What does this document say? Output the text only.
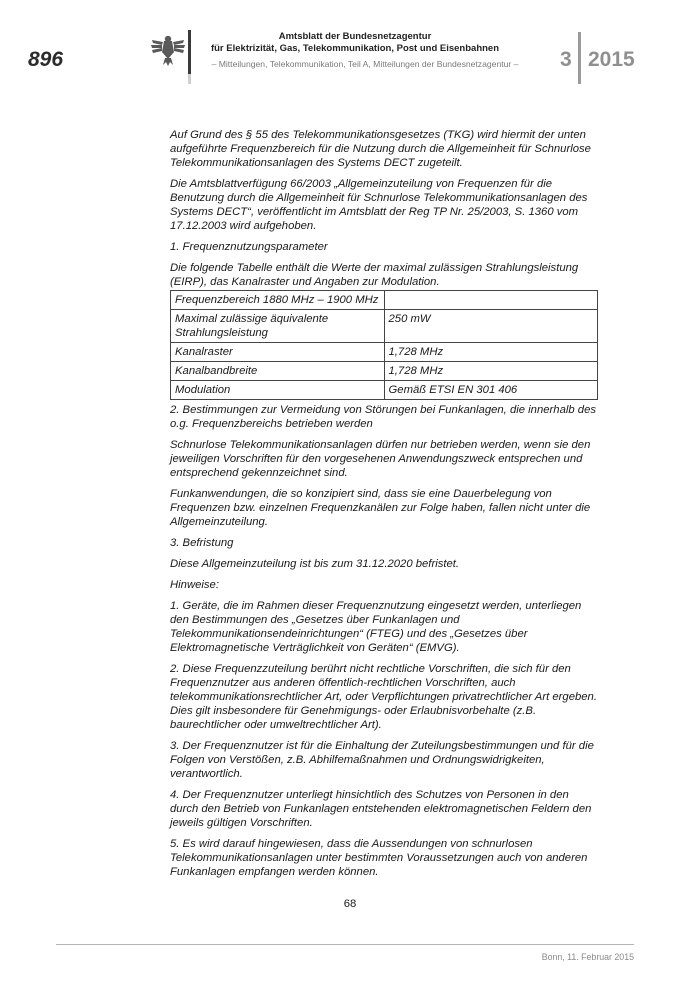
896
Amtsblatt der Bundesnetzagentur
für Elektrizität, Gas, Telekommunikation, Post und Eisenbahnen
– Mitteilungen, Telekommunikation, Teil A, Mitteilungen der Bundesnetzagentur –	3 2015

Auf Grund des § 55 des Telekommunikationsgesetzes (TKG) wird hiermit der unten aufgeführte Frequenzbereich für die Nutzung durch die Allgemeinheit für Schnurlose Telekommunikationsanlagen des Systems DECT zugeteilt.

Die Amtsblattverfügung 66/2003 „Allgemeinzuteilung von Frequenzen für die Benutzung durch die Allgemeinheit für Schnurlose Telekommunikationsanlagen des Systems DECT“, veröffentlicht im Amtsblatt der Reg TP Nr. 25/2003, S. 1360 vom 17.12.2003 wird aufgehoben.

1. Frequenznutzungsparameter

Die folgende Tabelle enthält die Werte der maximal zulässigen Strahlungsleistung (EIRP), das Kanalraster und Angaben zur Modulation.

Frequenzbereich 1880 MHz – 1900 MHz	
Maximal zulässige äquivalente Strahlungsleistung	250 mW
Kanalraster	1,728 MHz
Kanalbandbreite	1,728 MHz
Modulation	Gemäß ETSI EN 301 406

2. Bestimmungen zur Vermeidung von Störungen bei Funkanlagen, die innerhalb des o.g. Frequenzbereichs betrieben werden

Schnurlose Telekommunikationsanlagen dürfen nur betrieben werden, wenn sie den jeweiligen Vorschriften für den vorgesehenen Anwendungszweck entsprechen und entsprechend gekennzeichnet sind.

Funkanwendungen, die so konzipiert sind, dass sie eine Dauerbelegung von Frequenzen bzw. einzelnen Frequenzkanälen zur Folge haben, fallen nicht unter die Allgemeinzuteilung.

3. Befristung

Diese Allgemeinzuteilung ist bis zum 31.12.2020 befristet.

Hinweise:

1. Geräte, die im Rahmen dieser Frequenznutzung eingesetzt werden, unterliegen den Bestimmungen des „Gesetzes über Funkanlagen und Telekommunikationsendeinrichtungen“ (FTEG) und des „Gesetzes über Elektromagnetische Verträglichkeit von Geräten“ (EMVG).

2. Diese Frequenzzuteilung berührt nicht rechtliche Vorschriften, die sich für den Frequenznutzer aus anderen öffentlich-rechtlichen Vorschriften, auch telekommunikationsrechtlicher Art, oder Verpflichtungen privatrechtlicher Art ergeben. Dies gilt insbesondere für Genehmigungs- oder Erlaubnisvorbehalte (z.B. baurechtlicher oder umweltrechtlicher Art).

3. Der Frequenznutzer ist für die Einhaltung der Zuteilungsbestimmungen und für die Folgen von Verstößen, z.B. Abhilfemaßnahmen und Ordnungswidrigkeiten, verantwortlich.

4. Der Frequenznutzer unterliegt hinsichtlich des Schutzes von Personen in den durch den Betrieb von Funkanlagen entstehenden elektromagnetischen Feldern den jeweils gültigen Vorschriften.

5. Es wird darauf hingewiesen, dass die Aussendungen von schnurlosen Telekommunikationsanlagen unter bestimmten Voraussetzungen auch von anderen Funkanlagen empfangen werden können.

68
Bonn, 11. Februar 2015
